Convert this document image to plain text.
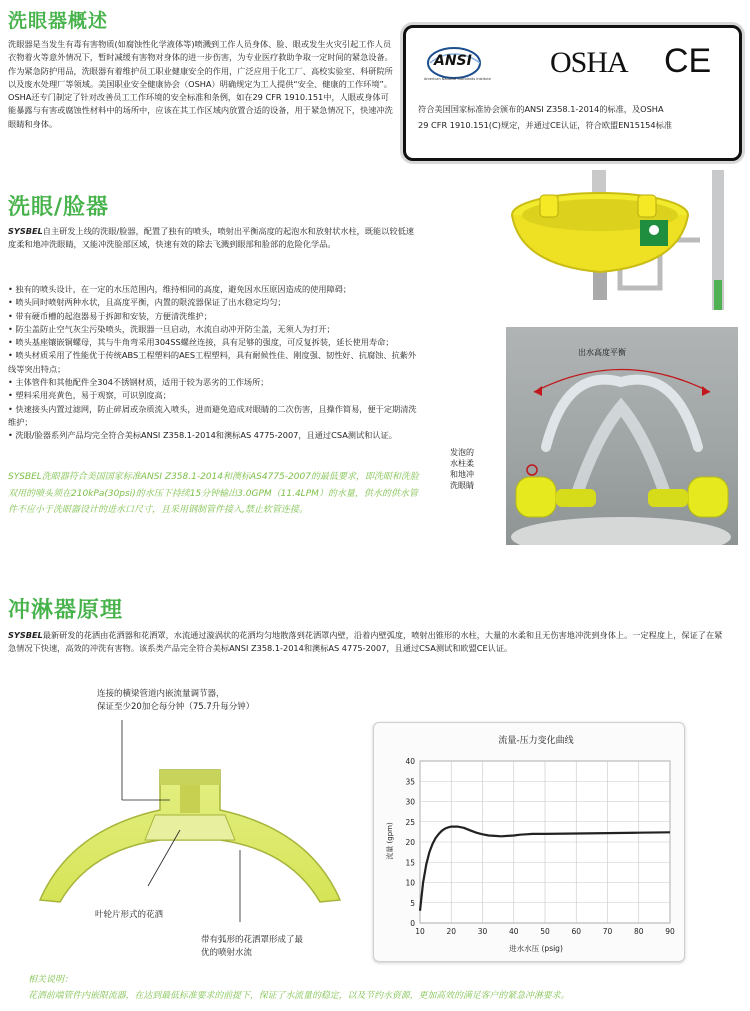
洗眼器概述
洗眼器是当发生有毒有害物质(如腐蚀性化学液体等)喷溅到工作人员身体、脸、眼或发生火灾引起工作人员衣物着火等意外情况下，暂时减缓有害物对身体的进一步伤害，为专业医疗救助争取一定时间的紧急设备。作为紧急防护用品，洗眼器有着维护员工职业健康安全的作用，广泛应用于化工厂、高校实验室、科研院所以及废水处理厂等领域。美国职业安全健康协会（OSHA）明确规定为工人提供“安全、健康的工作环境”。OSHA还专门制定了针对改善员工工作环境的安全标准和条例，如在29 CFR 1910.151中，人眼或身体可能暴露与有害或腐蚀性材料中的场所中，应该在其工作区域内放置合适的设备，用于紧急情况下，快速冲洗眼睛和身体。
ANSI
American National Standards Institute OSHA CE
符合美国国家标准协会颁布的ANSI Z358.1-2014的标准，及OSHA
29 CFR 1910.151(C)规定，并通过CE认证，符合欧盟EN15154标准
洗眼/脸器
SYSBEL自主研发上线的洗眼/脸器，配置了独有的喷头，喷射出平衡高度的起泡水和放射状水柱，既能以较低速度柔和地冲洗眼睛，又能冲洗脸部区域，快速有效的除去飞溅到眼部和脸部的危险化学品。
• 独有的喷头设计，在一定的水压范围内，维持相同的高度，避免因水压原因造成的使用障碍；
• 喷头同时喷射两种水状，且高度平衡，内置的限流器保证了出水稳定均匀；
• 带有硬币槽的起泡器易于拆卸和安装，方便清洗维护；
• 防尘盖防止空气灰尘污染喷头，洗眼器一旦启动，水流自动冲开防尘盖，无须人为打开；
• 喷头基座镶嵌铜螺母，其与牛角弯采用304SS螺丝连接，具有足够的强度，可反复拆装，延长使用寿命；
• 喷头材质采用了性能优于传统ABS工程塑料的AES工程塑料，具有耐候性佳、刚度强、韧性好、抗腐蚀、抗紫外线等突出特点；
• 主体管件和其他配件全304不锈钢材质，适用于较为恶劣的工作场所；
• 塑料采用亮黄色，易于观察，可识别度高；
• 快速接头内置过滤网，防止碎屑或杂质流入喷头，进而避免造成对眼睛的二次伤害，且操作简易，便于定期清洗维护；
• 洗眼/脸器系列产品均完全符合美标ANSI Z358.1-2014和澳标AS 4775-2007，且通过CSA测试和认证。
SYSBEL洗眼器符合美国国家标准ANSI Z358.1-2014和澳标AS4775-2007的最低要求，即洗眼和洗脸双用的喷头须在210kPa(30psi)的水压下持续15分钟输出3.0GPM（11.4LPM）的水量，供水的供水管件不应小于洗眼器设计的进水口尺寸，且采用钢制管件接入,禁止软管连接。
出水高度平衡
发泡的
水柱柔
和地冲
洗眼睛
冲淋器原理
SYSBEL最新研发的花洒由花洒器和花洒罩，水流通过漩涡状的花洒均匀地散落到花洒罩内壁，沿着内壁弧度，喷射出锥形的水柱，大量的水柔和且无伤害地冲洗到身体上。一定程度上，保证了在紧急情况下快速，高效的冲洗有害物。该系类产品完全符合美标ANSI Z358.1-2014和澳标AS 4775-2007，且通过CSA测试和欧盟CE认证。
连接的横梁管道内嵌流量调节器，
保证至少20加仑每分钟（75.7升每分钟）
叶轮片形式的花洒
带有弧形的花洒罩形成了最
优的喷射水流
流量-压力变化曲线
进水水压 (psig)
流量 (gpm)
0
5
10
15
20
25
30
35
40
10	20	30	40	50	60	70	80	90
相关说明：
花洒前端管件内嵌限流器，在达到最低标准要求的前提下，保证了水流量的稳定，以及节约水资源，更加高效的满足客户的紧急冲淋要求。
